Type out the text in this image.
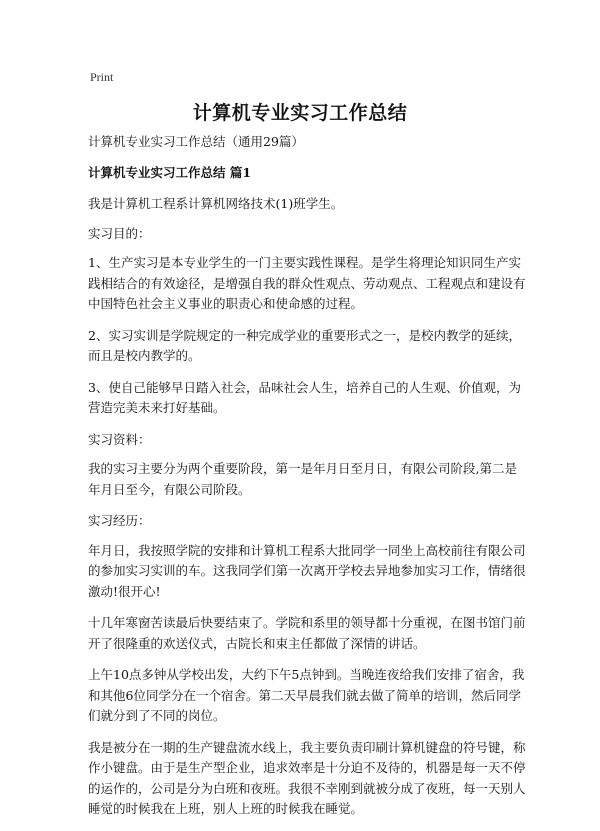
Print
计算机专业实习工作总结

计算机专业实习工作总结（通用29篇）

计算机专业实习工作总结 篇1

我是计算机工程系计算机网络技术(1)班学生。

实习目的：

1、生产实习是本专业学生的一门主要实践性课程。是学生将理论知识同生产实践相结合的有效途径，是增强自我的群众性观点、劳动观点、工程观点和建设有中国特色社会主义事业的职责心和使命感的过程。

2、实习实训是学院规定的一种完成学业的重要形式之一，是校内教学的延续，而且是校内教学的。

3、使自己能够早日踏入社会，品味社会人生，培养自己的人生观、价值观，为营造完美未来打好基础。

实习资料：

我的实习主要分为两个重要阶段，第一是年月日至月日，有限公司阶段,第二是年月日至今，有限公司阶段。

实习经历：

年月日，我按照学院的安排和计算机工程系大批同学一同坐上高校前往有限公司的参加实习实训的车。这我同学们第一次离开学校去异地参加实习工作，情绪很激动!很开心!

十几年寒窗苦读最后快要结束了。学院和系里的领导都十分重视，在图书馆门前开了很隆重的欢送仪式，古院长和束主任都做了深情的讲话。

上午10点多钟从学校出发，大约下午5点钟到。当晚连夜给我们安排了宿舍，我和其他6位同学分在一个宿舍。第二天早晨我们就去做了简单的培训，然后同学们就分到了不同的岗位。

我是被分在一期的生产键盘流水线上，我主要负责印刷计算机键盘的符号键，称作小键盘。由于是生产型企业，追求效率是十分迫不及待的，机器是每一天不停的运作的，公司是分为白班和夜班。我很不幸刚到就被分成了夜班，每一天别人睡觉的时候我在上班，别人上班的时候我在睡觉。
